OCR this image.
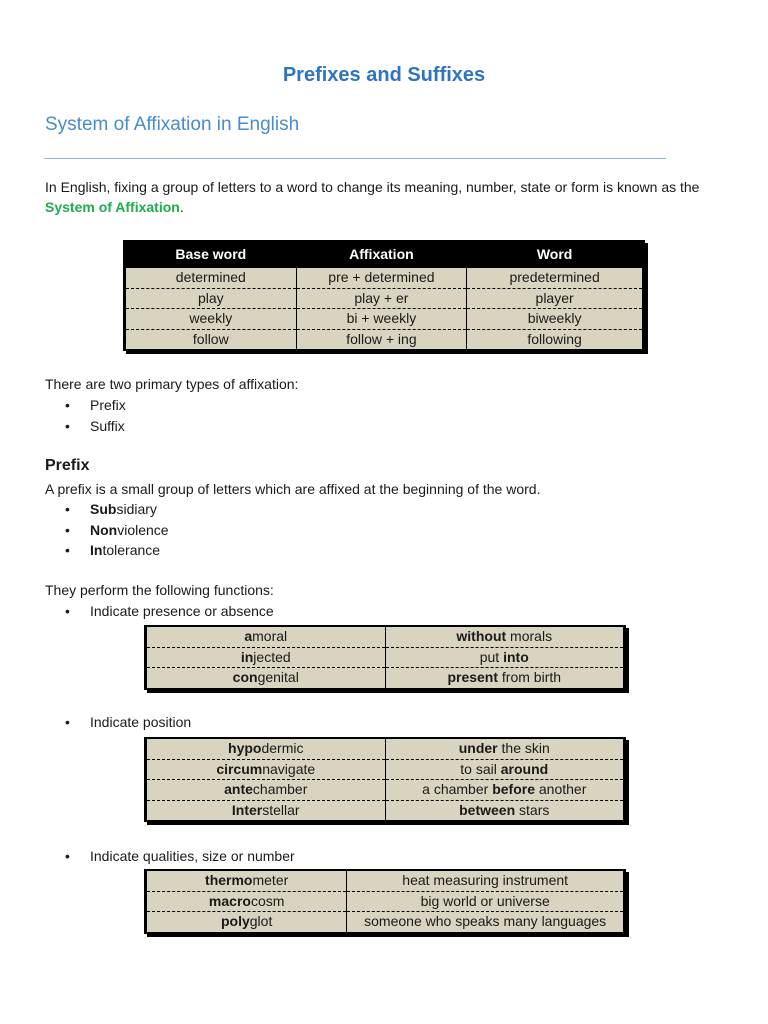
Prefixes and Suffixes
System of Affixation in English
In English, fixing a group of letters to a word to change its meaning, number, state or form is known as the System of Affixation.
Base word	Affixation	Word
determined	pre + determined	predetermined
play	play + er	player
weekly	bi + weekly	biweekly
follow	follow + ing	following
There are two primary types of affixation:
• Prefix
• Suffix
Prefix
A prefix is a small group of letters which are affixed at the beginning of the word.
• Subsidiary
• Nonviolence
• Intolerance
They perform the following functions:
• Indicate presence or absence
amoral	without morals
injected	put into
congenital	present from birth
• Indicate position
hypodermic	under the skin
circumnavigate	to sail around
antechamber	a chamber before another
Interstellar	between stars
• Indicate qualities, size or number
thermometer	heat measuring instrument
macrocosm	big world or universe
polyglot	someone who speaks many languages
